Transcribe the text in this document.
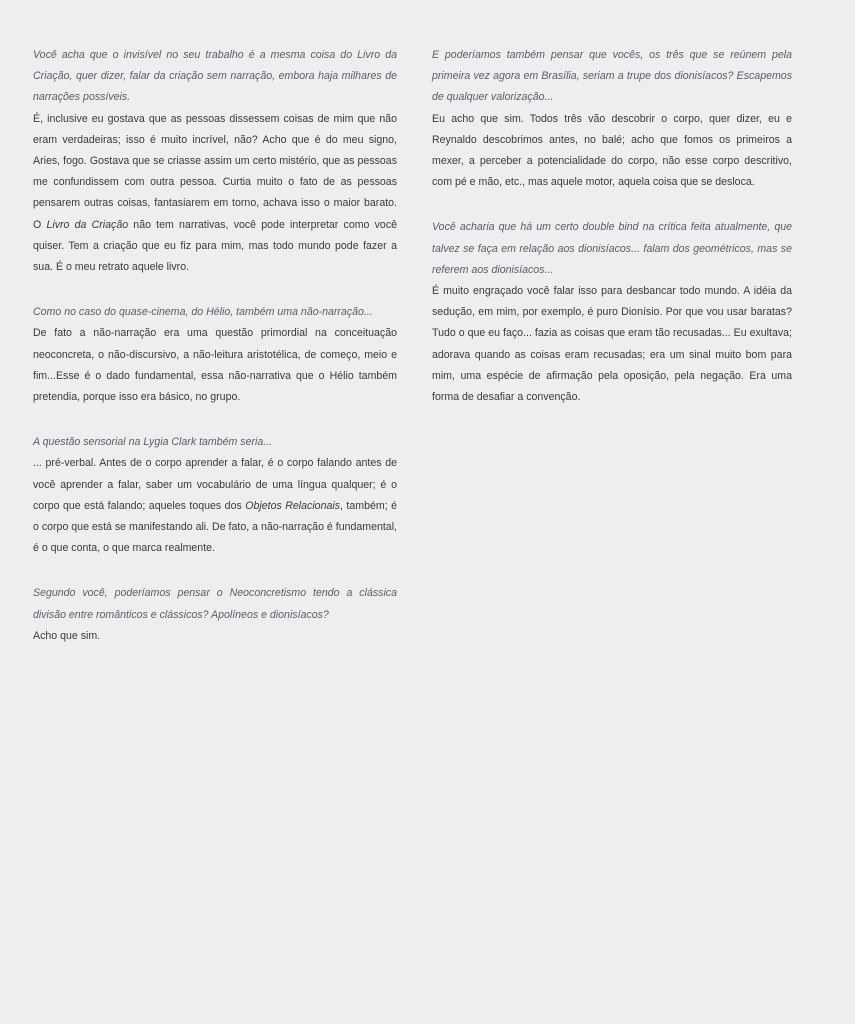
Você acha que o invisível no seu trabalho é a mesma coisa do Livro da Criação, quer dizer, falar da criação sem narração, embora haja milhares de narrações possíveis.

É, inclusive eu gostava que as pessoas dissessem coisas de mim que não eram verdadeiras; isso é muito incrível, não? Acho que é do meu signo, Aries, fogo. Gostava que se criasse assim um certo mistério, que as pessoas me confundissem com outra pessoa. Curtia muito o fato de as pessoas pensarem outras coisas, fantasiarem em torno, achava isso o maior barato. O Livro da Criação não tem narrativas, você pode interpretar como você quiser. Tem a criação que eu fiz para mim, mas todo mundo pode fazer a sua. É o meu retrato aquele livro.

Como no caso do quase-cinema, do Hélio, também uma não-narração...

De fato a não-narração era uma questão primordial na conceituação neoconcreta, o não-discursivo, a não-leitura aristotélica, de começo, meio e fim...Esse é o dado fundamental, essa não-narrativa que o Hélio também pretendia, porque isso era básico, no grupo.

A questão sensorial na Lygia Clark também seria...

... pré-verbal. Antes de o corpo aprender a falar, é o corpo falando antes de você aprender a falar, saber um vocabulário de uma língua qualquer; é o corpo que está falando; aqueles toques dos Objetos Relacionais, também; é o corpo que está se manifestando ali. De fato, a não-narração é fundamental, é o que conta, o que marca realmente.

Segundo você, poderíamos pensar o Neoconcretismo tendo a clássica divisão entre românticos e clássicos? Apolíneos e dionisíacos?

Acho que sim.

E poderíamos também pensar que vocês, os três que se reúnem pela primeira vez agora em Brasília, seriam a trupe dos dionisíacos? Escapemos de qualquer valorização...

Eu acho que sim. Todos três vão descobrir o corpo, quer dizer, eu e Reynaldo descobrimos antes, no balé; acho que fomos os primeiros a mexer, a perceber a potencialidade do corpo, não esse corpo descritivo, com pé e mão, etc., mas aquele motor, aquela coisa que se desloca.

Você acharia que há um certo double bind na crítica feita atualmente, que talvez se faça em relação aos dionisíacos... falam dos geométricos, mas se referem aos dionisíacos...

É muito engraçado você falar isso para desbancar todo mundo. A idéia da sedução, em mim, por exemplo, é puro Dionísio. Por que vou usar baratas? Tudo o que eu faço... fazia as coisas que eram tão recusadas... Eu exultava; adorava quando as coisas eram recusadas; era um sinal muito bom para mim, uma espécie de afirmação pela oposição, pela negação. Era uma forma de desafiar a convenção.
